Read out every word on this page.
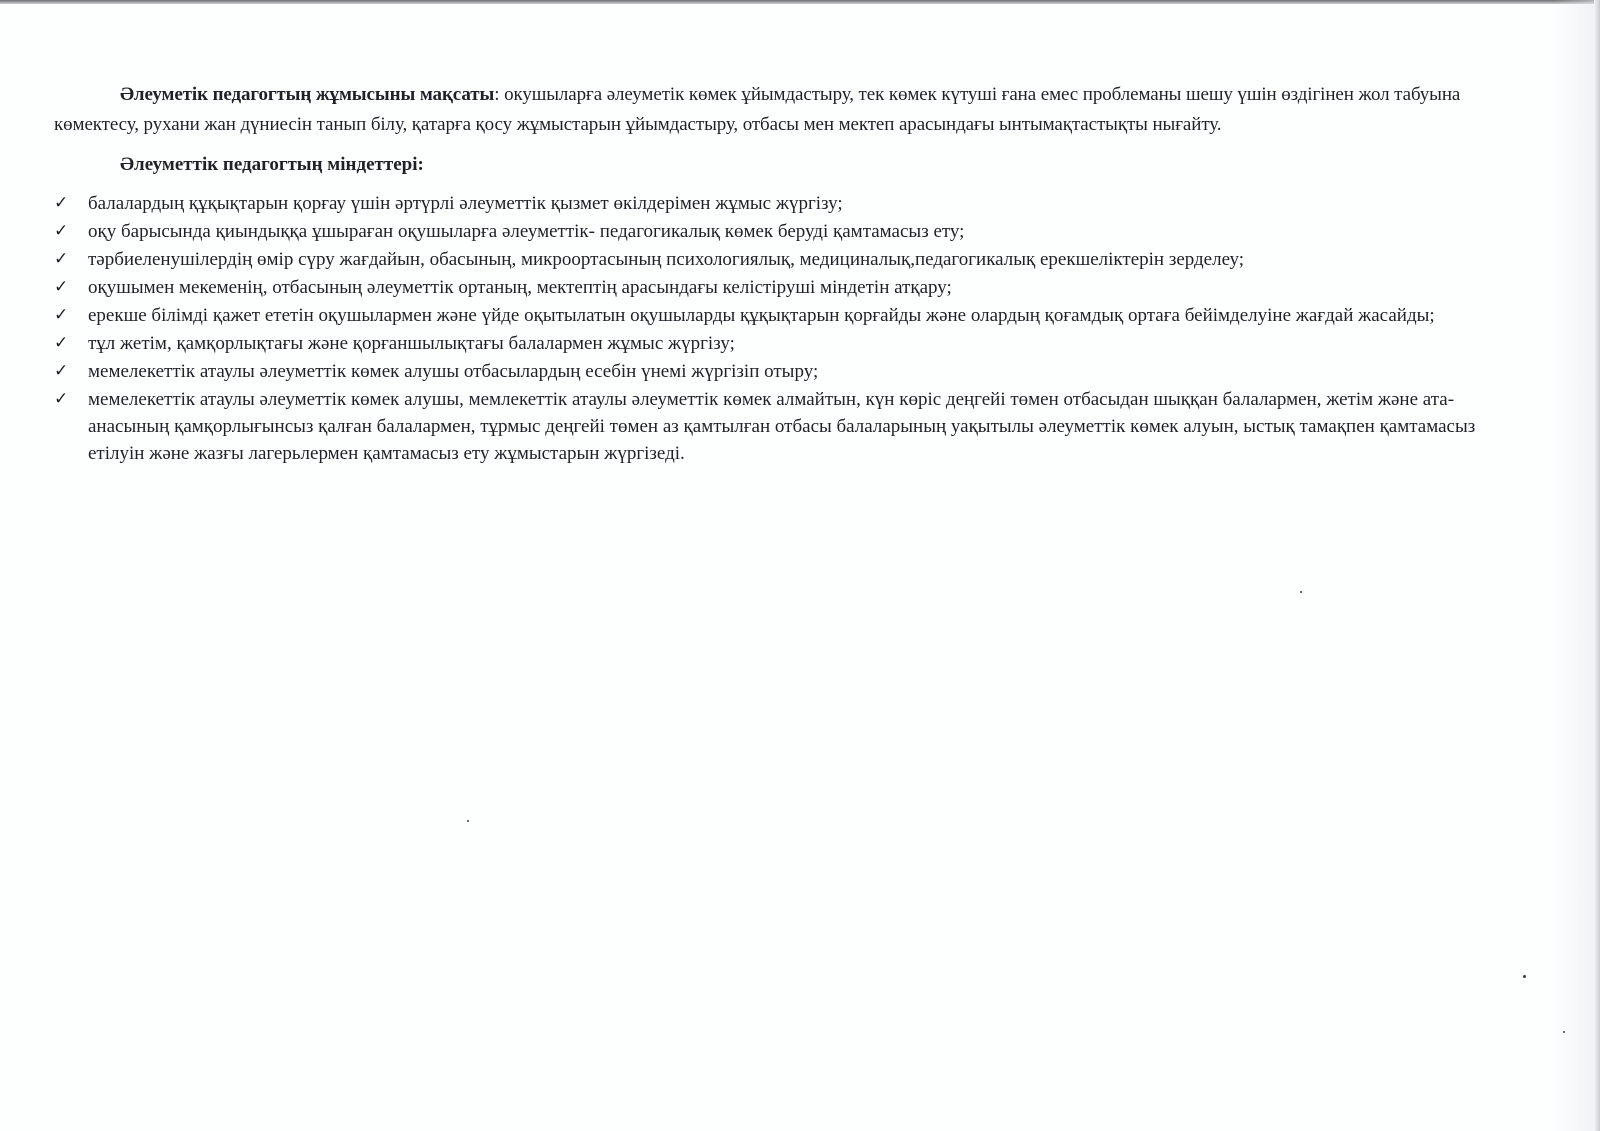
Әлеуметік педагогтың жұмысыны мақсаты: окушыларға әлеуметік көмек ұйымдастыру, тек көмек күтуші ғана емес проблеманы шешу үшін өздігінен жол табуына көмектесу, рухани жан дүниесін танып білу, қатарға қосу жұмыстарын ұйымдастыру, отбасы мен мектеп арасындағы ынтымақтастықты нығайту.

Әлеуметтік педагогтың міндеттері:
✓	балалардың құқықтарын қорғау үшін әртүрлі әлеуметтік қызмет өкілдерімен жұмыс жүргізу;
✓	оқу барысында қиындыққа ұшыраған оқушыларға әлеуметтік- педагогикалық көмек беруді қамтамасыз ету;
✓	тәрбиеленушілердің өмір сүру жағдайын, обасының, микроортасының психологиялық, медициналық,педагогикалық ерекшеліктерін зерделеу;
✓	оқушымен мекеменің, отбасының әлеуметтік ортаның, мектептің арасындағы келістіруші міндетін атқару;
✓	ерекше білімді қажет ететін оқушылармен және үйде оқытылатын оқушыларды құқықтарын қорғайды және олардың қоғамдық ортаға бейімделуіне жағдай жасайды;
✓	тұл жетім, қамқорлықтағы және қорғаншылықтағы балалармен жұмыс жүргізу;
✓	мемелекеттік атаулы әлеуметтік көмек алушы отбасылардың есебін үнемі жүргізіп отыру;
✓	мемелекеттік атаулы әлеуметтік көмек алушы, мемлекеттік атаулы әлеуметтік көмек алмайтын, күн көріс деңгейі төмен отбасыдан шыққан балалармен, жетім және ата-анасының қамқорлығынсыз қалған балалармен, тұрмыс деңгейі төмен аз қамтылған отбасы балаларының уақытылы әлеуметтік көмек алуын, ыстық тамақпен қамтамасыз етілуін және жазғы лагерьлермен қамтамасыз ету жұмыстарын жүргізеді.
